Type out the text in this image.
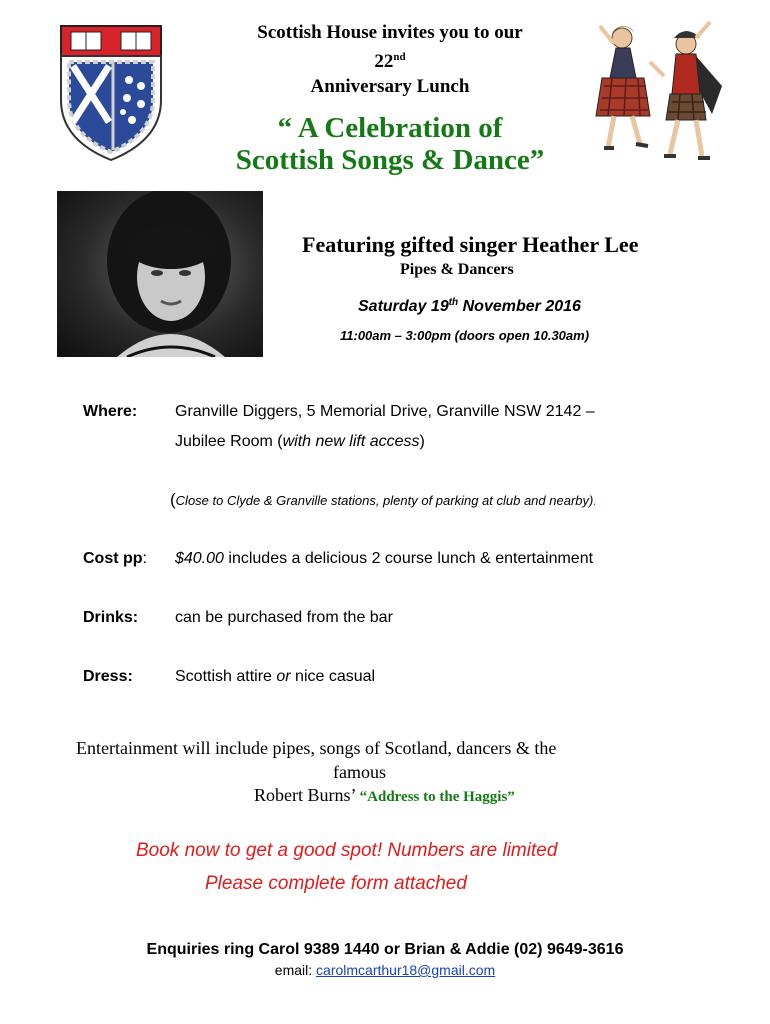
Scottish House invites you to our
22nd
Anniversary Lunch
“ A Celebration of
Scottish Songs & Dance”
Featuring gifted singer Heather Lee
Pipes & Dancers
Saturday 19th November 2016
11:00am – 3:00pm (doors open 10.30am)
Where: Granville Diggers, 5 Memorial Drive, Granville NSW 2142 –
Jubilee Room (with new lift access)
(Close to Clyde & Granville stations, plenty of parking at club and nearby).
Cost pp: $40.00 includes a delicious 2 course lunch & entertainment
Drinks: can be purchased from the bar
Dress:	Scottish attire or nice casual
Entertainment will include pipes, songs of Scotland, dancers & the
famous
Robert Burns’ “Address to the Haggis”
Book now to get a good spot! Numbers are limited
Please complete form attached
Enquiries ring Carol 9389 1440 or Brian & Addie (02) 9649-3616
email: carolmcarthur18@gmail.com
